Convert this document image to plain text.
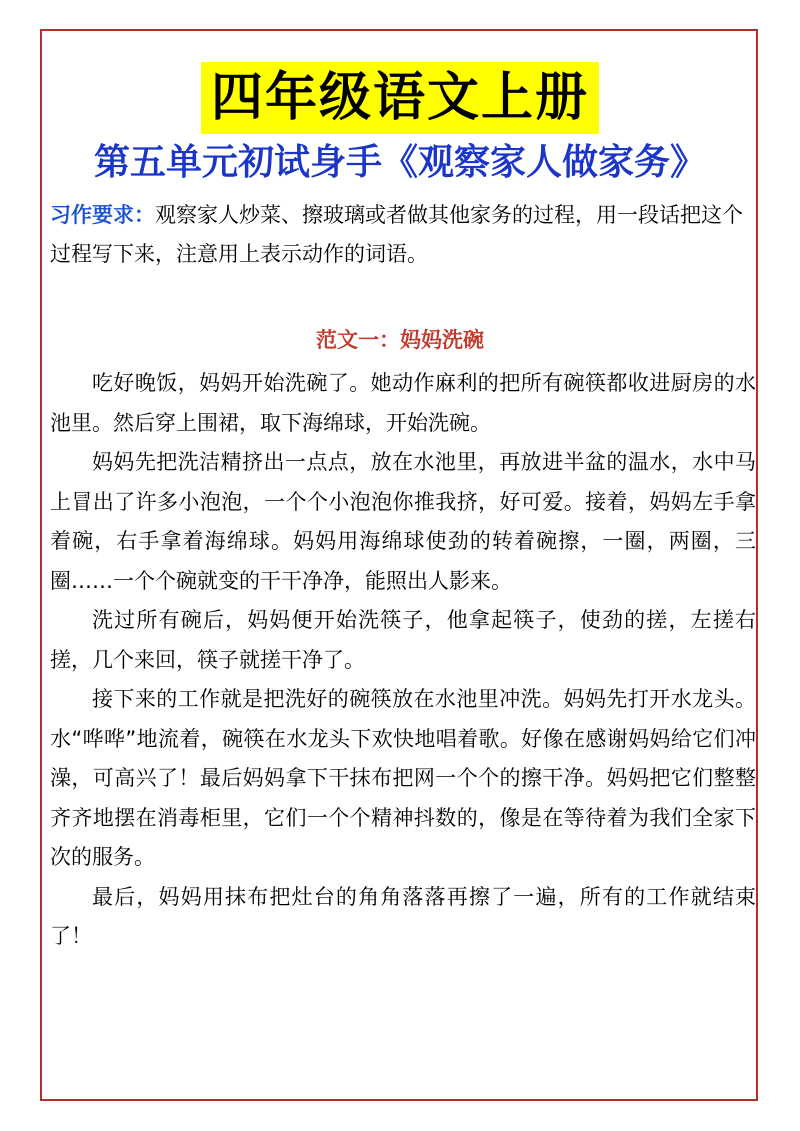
四年级语文上册
第五单元初试身手《观察家人做家务》
习作要求：观察家人炒菜、擦玻璃或者做其他家务的过程，用一段话把这个过程写下来，注意用上表示动作的词语。
范文一：妈妈洗碗

吃好晚饭，妈妈开始洗碗了。她动作麻利的把所有碗筷都收进厨房的水池里。然后穿上围裙，取下海绵球，开始洗碗。

妈妈先把洗洁精挤出一点点，放在水池里，再放进半盆的温水，水中马上冒出了许多小泡泡，一个个小泡泡你推我挤，好可爱。接着，妈妈左手拿着碗，右手拿着海绵球。妈妈用海绵球使劲的转着碗擦，一圈，两圈，三圈……一个个碗就变的干干净净，能照出人影来。

洗过所有碗后，妈妈便开始洗筷子，他拿起筷子，使劲的搓，左搓右搓，几个来回，筷子就搓干净了。

接下来的工作就是把洗好的碗筷放在水池里冲洗。妈妈先打开水龙头。水“哗哗”地流着，碗筷在水龙头下欢快地唱着歌。好像在感谢妈妈给它们冲澡，可高兴了！最后妈妈拿下干抹布把网一个个的擦干净。妈妈把它们整整齐齐地摆在消毒柜里，它们一个个精神抖数的，像是在等待着为我们全家下次的服务。

最后，妈妈用抹布把灶台的角角落落再擦了一遍，所有的工作就结束了！
